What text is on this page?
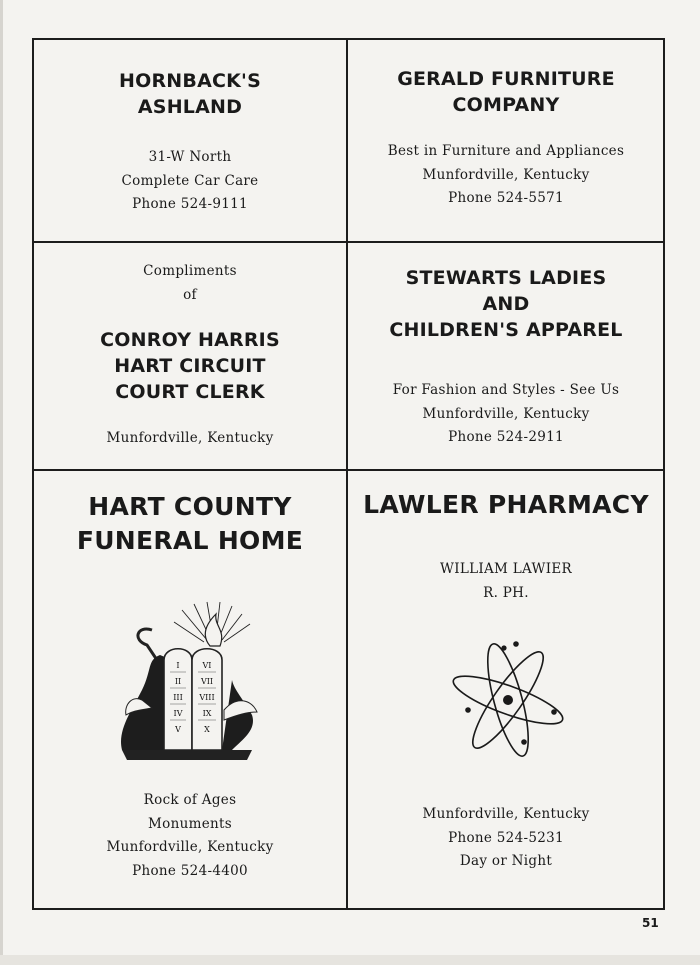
HORNBACK'S
ASHLAND
31-W North
Complete Car Care
Phone 524-9111
GERALD FURNITURE
COMPANY
Best in Furniture and Appliances
Munfordville, Kentucky
Phone 524-5571
Compliments
of
CONROY HARRIS
HART CIRCUIT
COURT CLERK
Munfordville, Kentucky
STEWARTS LADIES
AND
CHILDREN'S APPAREL
For Fashion and Styles - See Us
Munfordville, Kentucky
Phone 524-2911
HART COUNTY
FUNERAL HOME
I
II
III
IV
V
VI
VII
VIII
IX
X
Rock of Ages
Monuments
Munfordville, Kentucky
Phone 524-4400
LAWLER PHARMACY
WILLIAM LAWIER
R. PH.
Munfordville, Kentucky
Phone 524-5231
Day or Night
51
